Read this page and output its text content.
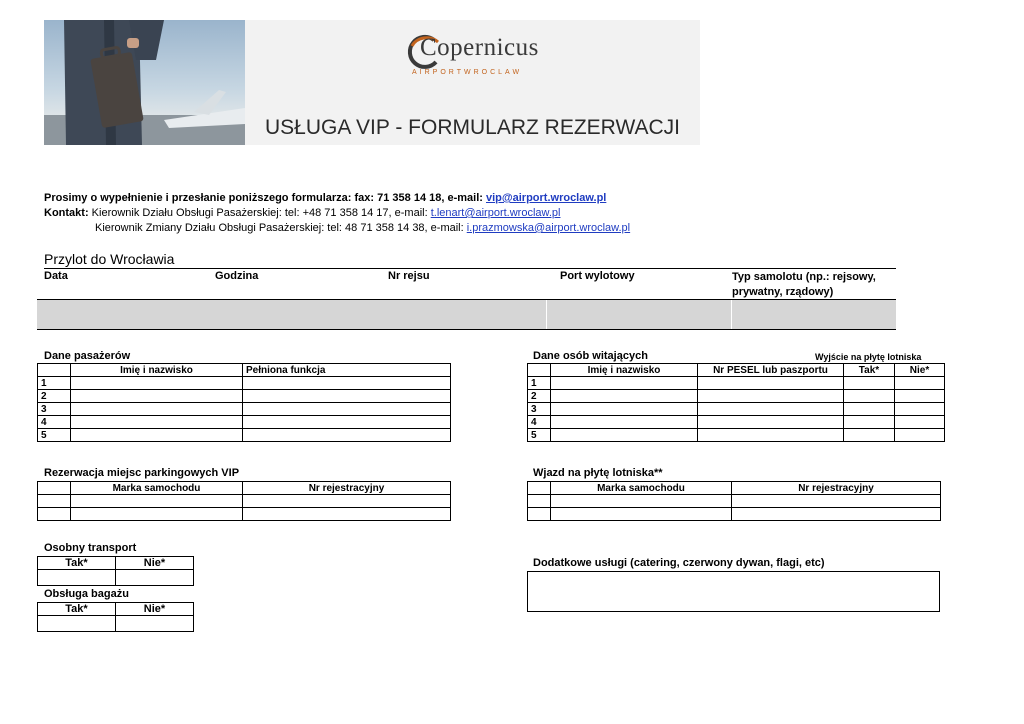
Copernicus
AIRPORTWROCLAW
USŁUGA VIP - FORMULARZ REZERWACJI
Prosimy o wypełnienie i przesłanie poniższego formularza: fax: 71 358 14 18, e-mail: vip@airport.wroclaw.pl
Kontakt: Kierownik Działu Obsługi Pasażerskiej: tel: +48 71 358 14 17, e-mail: t.lenart@airport.wroclaw.pl
Kierownik Zmiany Działu Obsługi Pasażerskiej: tel: 48 71 358 14 38, e-mail: i.prazmowska@airport.wroclaw.pl
Przylot do Wrocławia
Data	Godzina	Nr rejsu	Port wylotowy	Typ samolotu (np.: rejsowy, prywatny, rządowy)
Dane pasażerów
	Imię i nazwisko	Pełniona funkcja
1		
2		
3		
4		
5		
Dane osób witających	Wyjście na płytę lotniska
	Imię i nazwisko	Nr PESEL lub paszportu	Tak*	Nie*
1				
2				
3				
4				
5				
Rezerwacja miejsc parkingowych VIP
	Marka samochodu	Nr rejestracyjny

Wjazd na płytę lotniska**
	Marka samochodu	Nr rejestracyjny

Osobny transport
Tak*	Nie*

Obsługa bagażu
Tak*	Nie*

Dodatkowe usługi (catering, czerwony dywan, flagi, etc)
